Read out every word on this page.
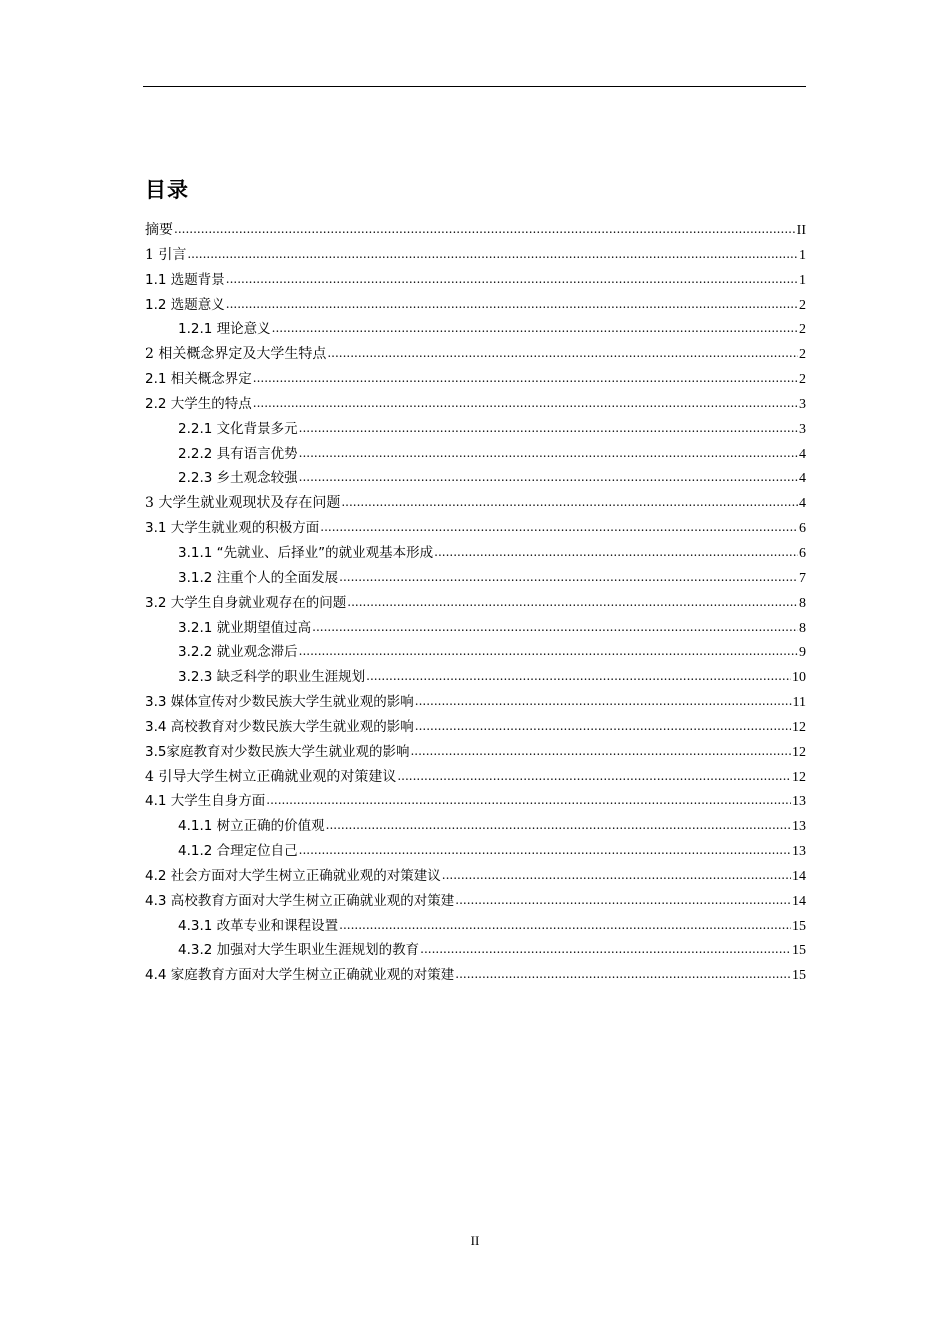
目录
摘要 .....	II
1 引言 .....	1
1.1 选题背景 .....	1
1.2 选题意义 .....	2
1.2.1 理论意义 .....	2
2 相关概念界定及大学生特点 .....	2
2.1 相关概念界定 .....	2
2.2 大学生的特点 .....	3
2.2.1 文化背景多元 .....	3
2.2.2 具有语言优势 .....	4
2.2.3 乡土观念较强 .....	4
3 大学生就业观现状及存在问题 .....	4
3.1 大学生就业观的积极方面 .....	6
3.1.1 “先就业、后择业”的就业观基本形成 .....	6
3.1.2 注重个人的全面发展 .....	7
3.2 大学生自身就业观存在的问题 .....	8
3.2.1 就业期望值过高 .....	8
3.2.2 就业观念滞后 .....	9
3.2.3 缺乏科学的职业生涯规划 .....	10
3.3 媒体宣传对少数民族大学生就业观的影响 .....	11
3.4 高校教育对少数民族大学生就业观的影响 .....	12
3.5家庭教育对少数民族大学生就业观的影响 .....	12
4 引导大学生树立正确就业观的对策建议 .....	12
4.1 大学生自身方面 .....	13
4.1.1 树立正确的价值观 .....	13
4.1.2 合理定位自己 .....	13
4.2 社会方面对大学生树立正确就业观的对策建议 .....	14
4.3 高校教育方面对大学生树立正确就业观的对策建 .....	14
4.3.1 改革专业和课程设置 .....	15
4.3.2 加强对大学生职业生涯规划的教育 .....	15
4.4 家庭教育方面对大学生树立正确就业观的对策建 .....	15
II
